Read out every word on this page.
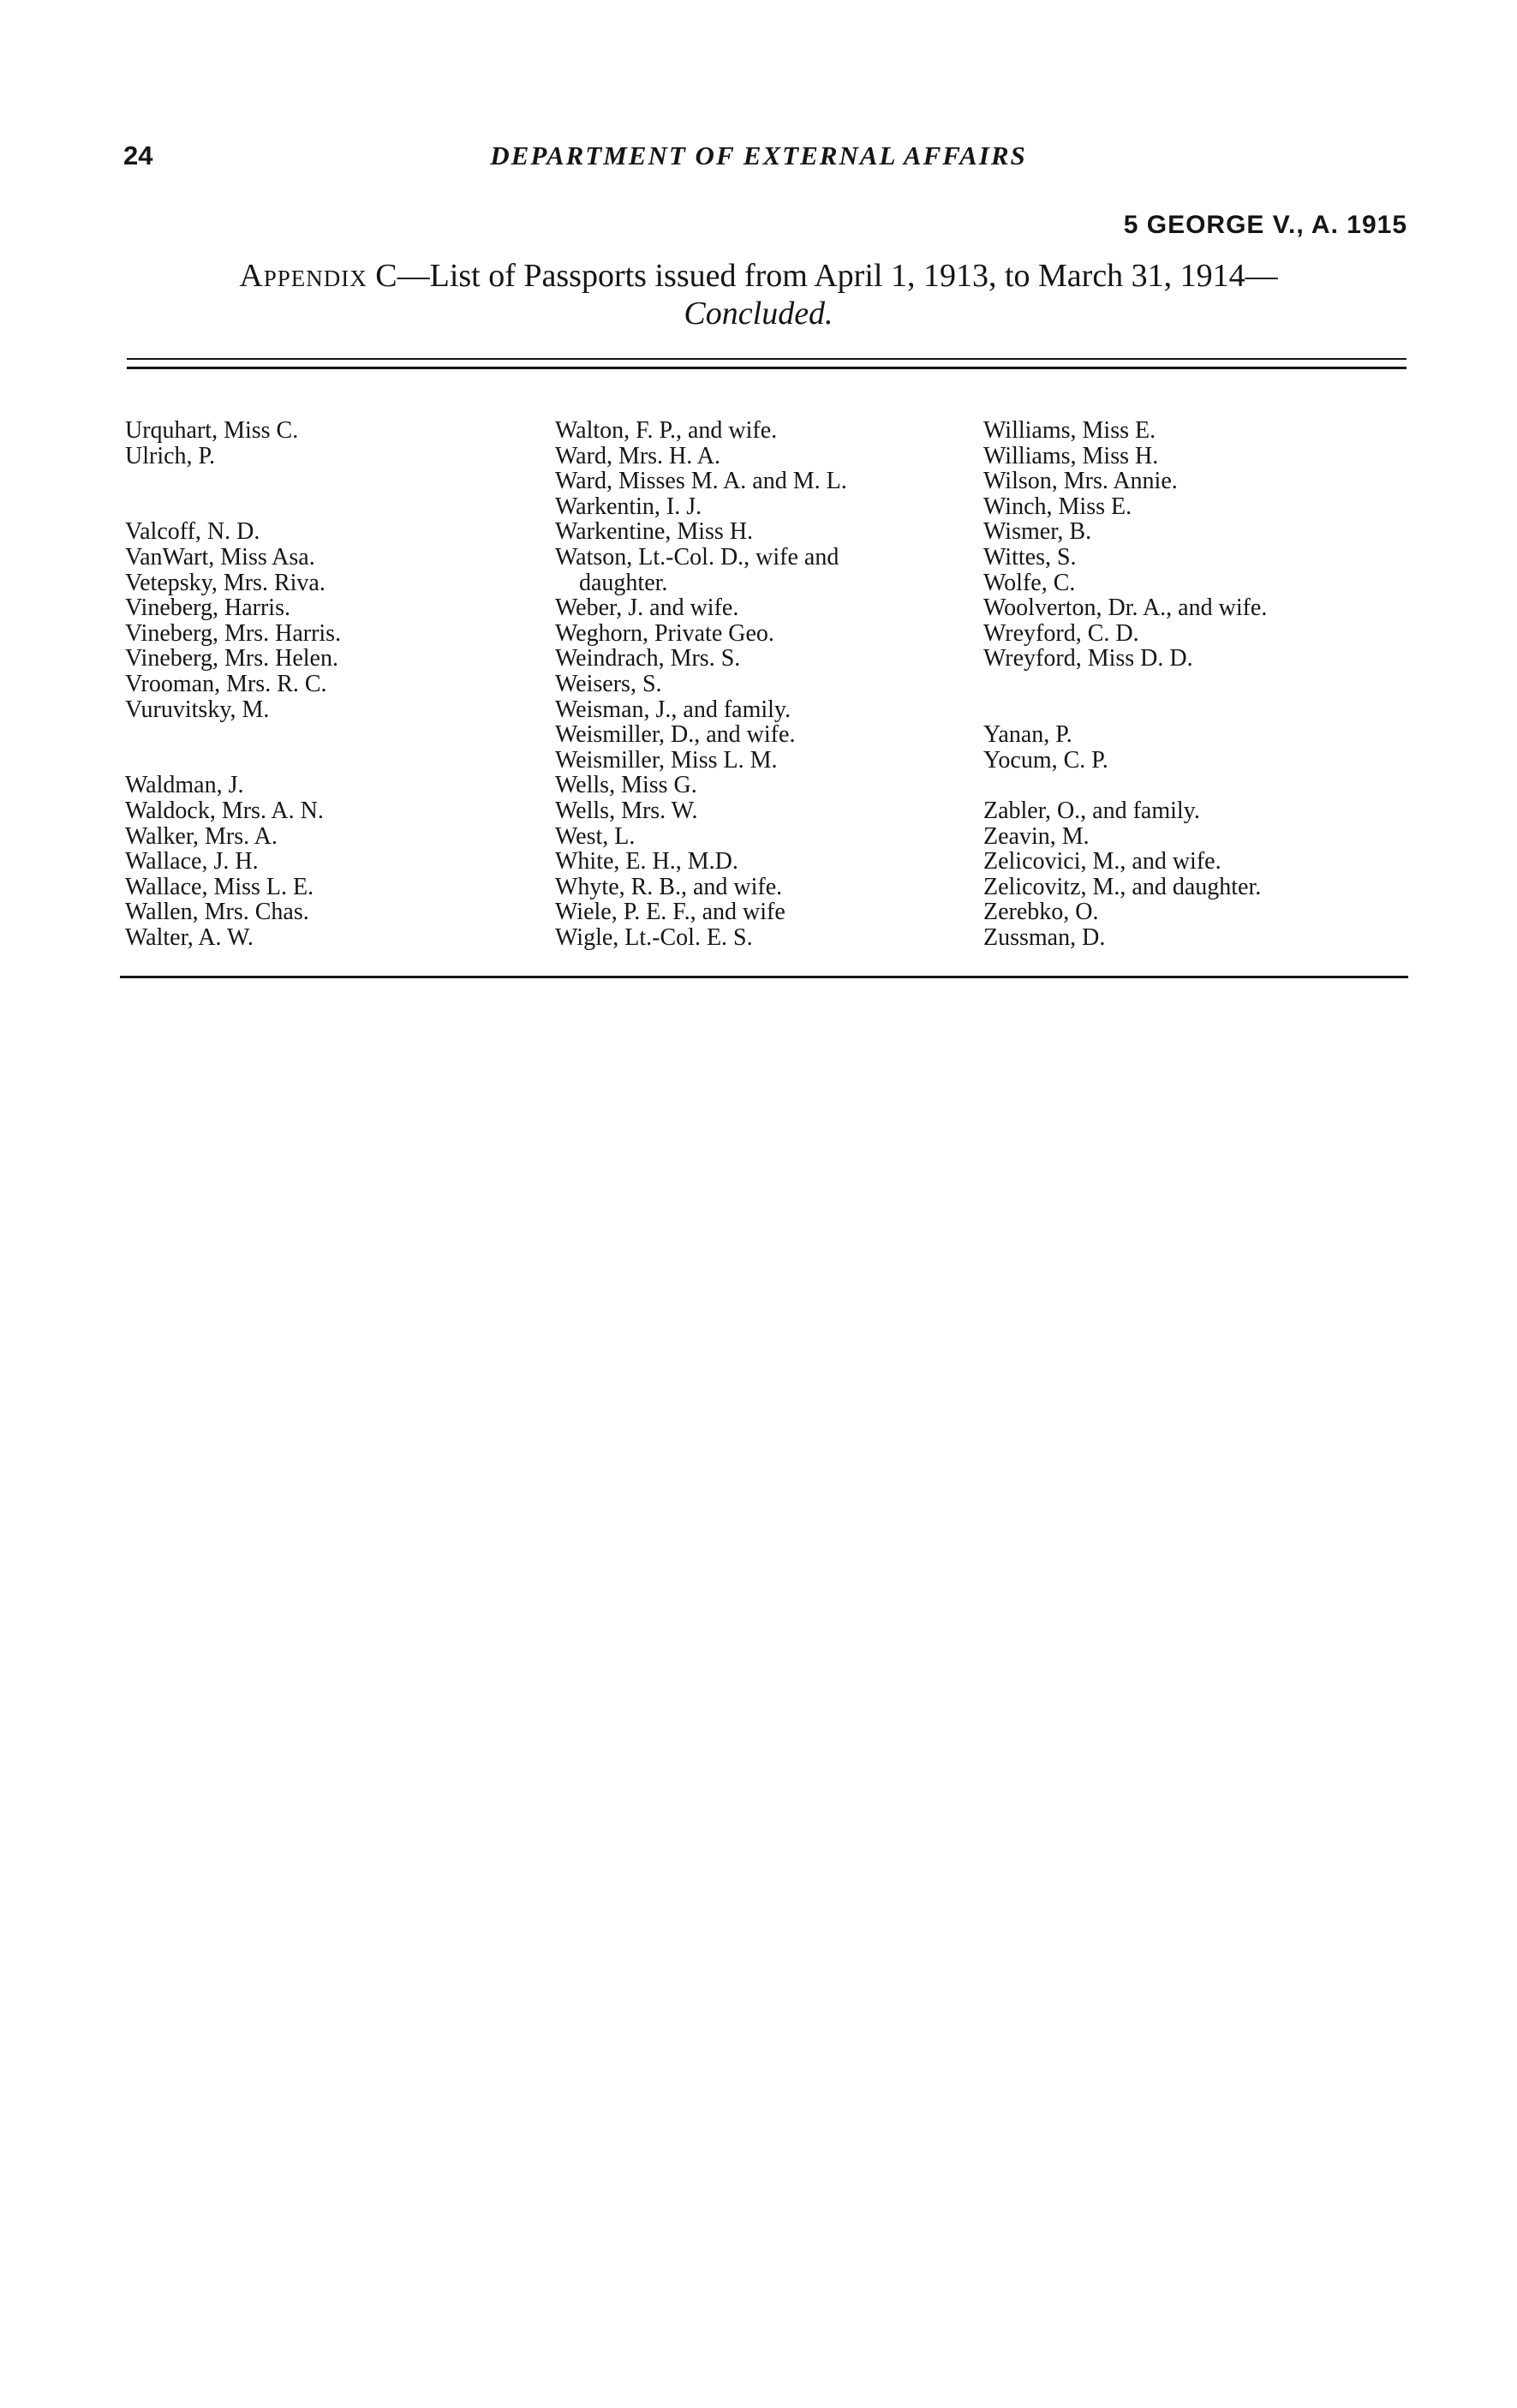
24	DEPARTMENT OF EXTERNAL AFFAIRS
5 GEORGE V., A. 1915
Appendix C—List of Passports issued from April 1, 1913, to March 31, 1914—
Concluded.
Urquhart, Miss C.
Ulrich, P.
Valcoff, N. D.
VanWart, Miss Asa.
Vetepsky, Mrs. Riva.
Vineberg, Harris.
Vineberg, Mrs. Harris.
Vineberg, Mrs. Helen.
Vrooman, Mrs. R. C.
Vuruvitsky, M.
Waldman, J.
Waldock, Mrs. A. N.
Walker, Mrs. A.
Wallace, J. H.
Wallace, Miss L. E.
Wallen, Mrs. Chas.
Walter, A. W.
Walton, F. P., and wife.
Ward, Mrs. H. A.
Ward, Misses M. A. and M. L.
Warkentin, I. J.
Warkentine, Miss H.
Watson, Lt.-Col. D., wife and
daughter.
Weber, J. and wife.
Weghorn, Private Geo.
Weindrach, Mrs. S.
Weisers, S.
Weisman, J., and family.
Weismiller, D., and wife.
Weismiller, Miss L. M.
Wells, Miss G.
Wells, Mrs. W.
West, L.
White, E. H., M.D.
Whyte, R. B., and wife.
Wiele, P. E. F., and wife
Wigle, Lt.-Col. E. S.
Williams, Miss E.
Williams, Miss H.
Wilson, Mrs. Annie.
Winch, Miss E.
Wismer, B.
Wittes, S.
Wolfe, C.
Woolverton, Dr. A., and wife.
Wreyford, C. D.
Wreyford, Miss D. D.
Yanan, P.
Yocum, C. P.
Zabler, O., and family.
Zeavin, M.
Zelicovici, M., and wife.
Zelicovitz, M., and daughter.
Zerebko, O.
Zussman, D.
